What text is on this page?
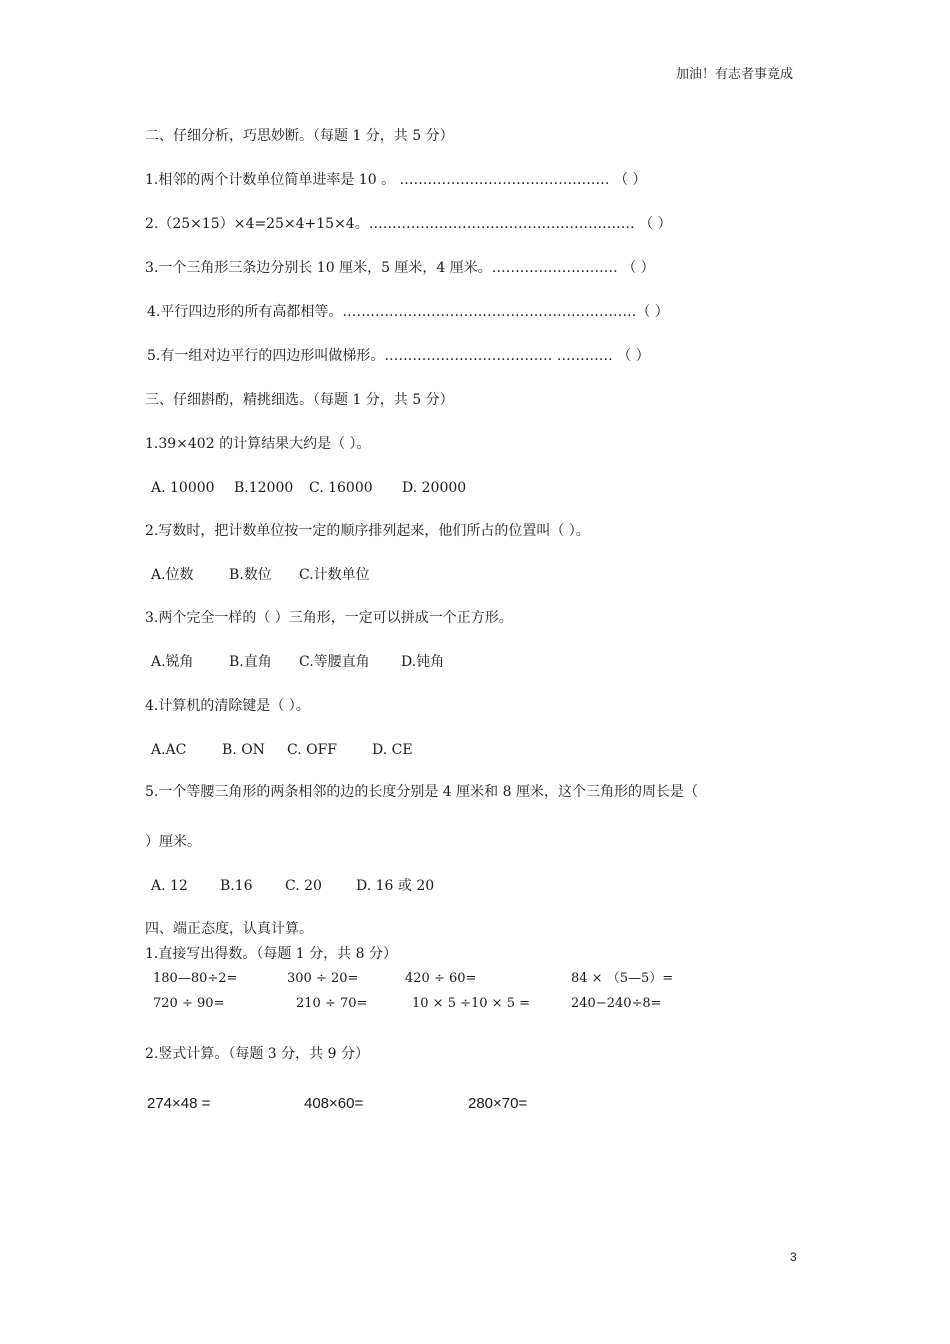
加油！有志者事竟成
二、仔细分析，巧思妙断。（每题 1 分，共 5 分）
1.相邻的两个计数单位简单进率是 10 。 ……………………………………… （ ）
2.（25×15）×4=25×4+15×4。………………………………………………… （ ）
3.一个三角形三条边分别长 10 厘米，5 厘米，4 厘米。……………………… （ ）
4.平行四边形的所有高都相等。………………………………………………………（ ）
5.有一组对边平行的四边形叫做梯形。……………………………… ………… （ ）
三、仔细斟酌，精挑细选。（每题 1 分，共 5 分）
1.39×402 的计算结果大约是（ ）。
A. 10000 B.12000 C. 16000 D. 20000
2.写数时，把计数单位按一定的顺序排列起来，他们所占的位置叫（ ）。
A.位数	B.数位 C.计数单位
3.两个完全一样的（ ）三角形，一定可以拼成一个正方形。
A.锐角	B.直角 C.等腰直角 D.钝角
4.计算机的清除键是（ ）。
A.AC	B. ON C. OFF D. CE
5.一个等腰三角形的两条相邻的边的长度分别是 4 厘米和 8 厘米，这个三角形的周长是（
）厘米。
A. 12 B.16 C. 20 D. 16 或 20
四、端正态度，认真计算。
1.直接写出得数。（每题 1 分，共 8 分）
180—80÷2=	300 ÷ 20=	420 ÷ 60=	84 × （5—5）=
720 ÷ 90=	210 ÷ 70=	10 × 5 ÷10 × 5 =	240−240÷8=
2.竖式计算。（每题 3 分，共 9 分）
274×48 =	408×60=	280×70=
3
